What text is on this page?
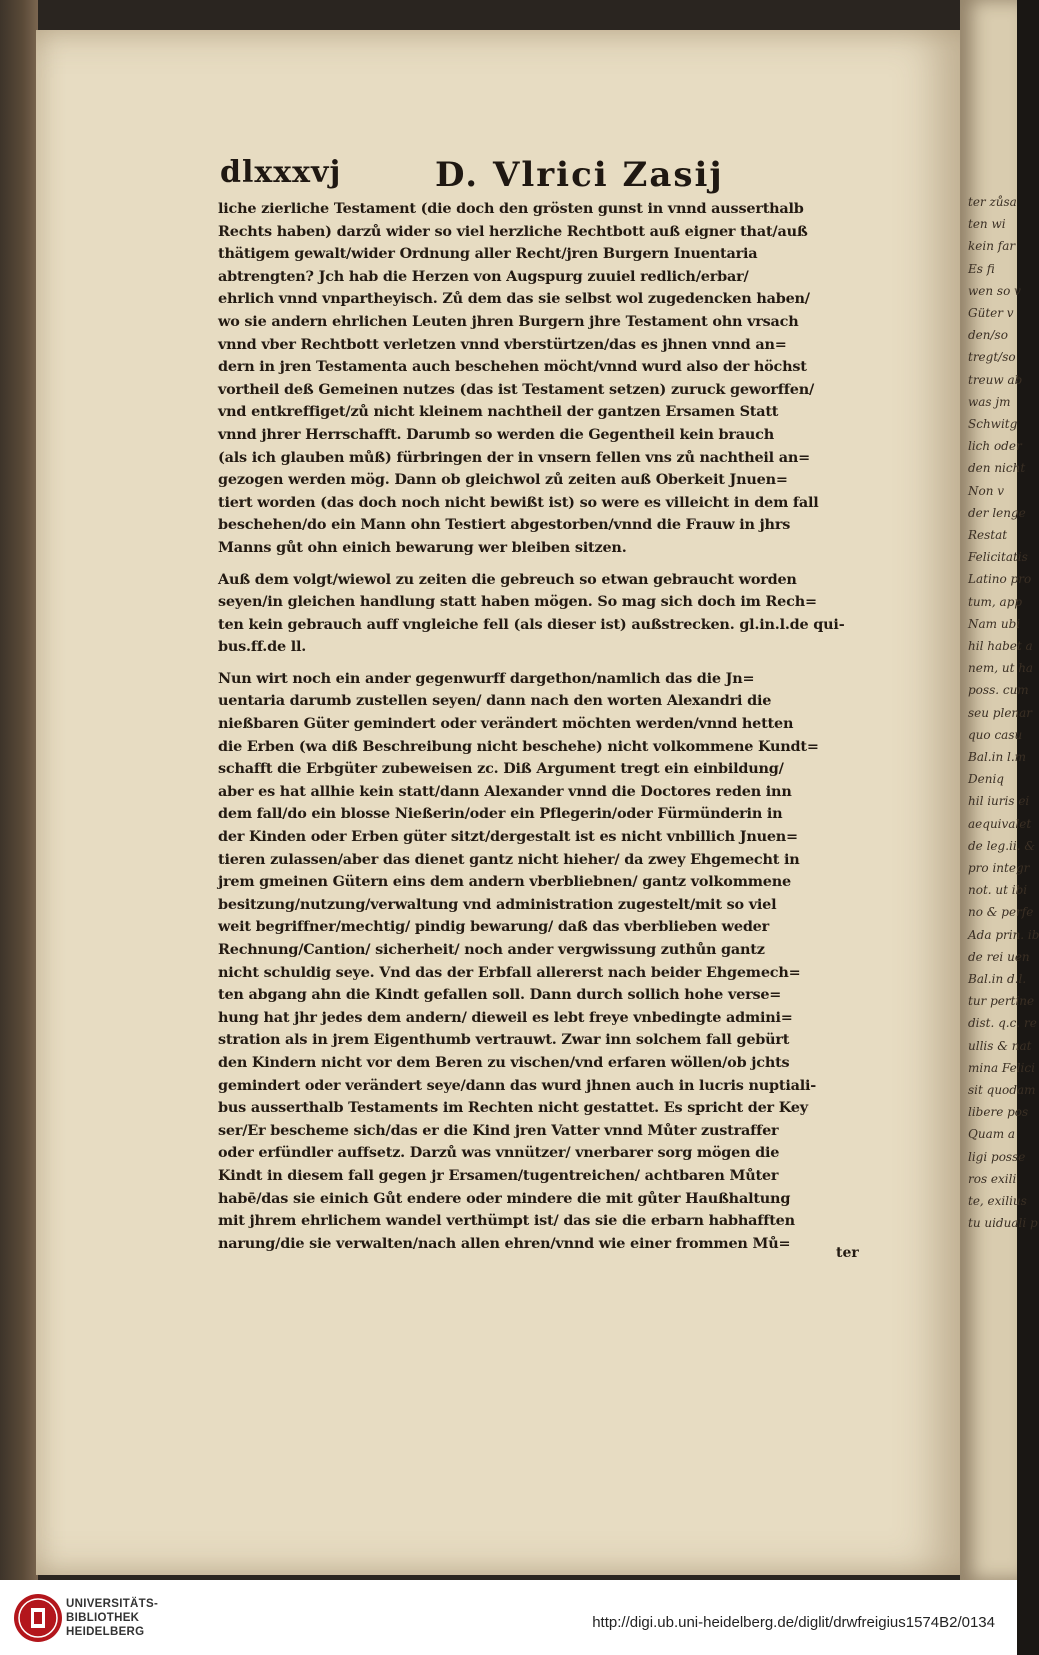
dlxxxvj	D. Vlrici Zasij
liche zierliche Testament (die doch den grösten gunst in vnnd ausserthalb
Rechts haben) darzů wider so viel herzliche Rechtbott auß eigner that/auß
thätigem gewalt/wider Ordnung aller Recht/jren Burgern Inuentaria
abtrengten? Jch hab die Herzen von Augspurg zuuiel redlich/erbar/
ehrlich vnnd vnpartheyisch. Zů dem das sie selbst wol zugedencken haben/
wo sie andern ehrlichen Leuten jhren Burgern jhre Testament ohn vrsach
vnnd vber Rechtbott verletzen vnnd vberstürtzen/das es jhnen vnnd an=
dern in jren Testamenta auch beschehen möcht/vnnd wurd also der höchst
vortheil deß Gemeinen nutzes (das ist Testament setzen) zuruck geworffen/
vnd entkreffiget/zů nicht kleinem nachtheil der gantzen Ersamen Statt
vnnd jhrer Herrschafft. Darumb so werden die Gegentheil kein brauch
(als ich glauben můß) fürbringen der in vnsern fellen vns zů nachtheil an=
gezogen werden mög. Dann ob gleichwol zů zeiten auß Oberkeit Jnuen=
tiert worden (das doch noch nicht bewißt ist) so were es villeicht in dem fall
beschehen/do ein Mann ohn Testiert abgestorben/vnnd die Frauw in jhrs
Manns gůt ohn einich bewarung wer bleiben sitzen.
Auß dem volgt/wiewol zu zeiten die gebreuch so etwan gebraucht worden
seyen/in gleichen handlung statt haben mögen. So mag sich doch im Rech=
ten kein gebrauch auff vngleiche fell (als dieser ist) außstrecken. gl.in.l.de qui-
bus.ff.de ll.
Nun wirt noch ein ander gegenwurff dargethon/namlich das die Jn=
uentaria darumb zustellen seyen/ dann nach den worten Alexandri die
nießbaren Güter gemindert oder verändert möchten werden/vnnd hetten
die Erben (wa diß Beschreibung nicht beschehe) nicht volkommene Kundt=
schafft die Erbgüter zubeweisen zc. Diß Argument tregt ein einbildung/
aber es hat allhie kein statt/dann Alexander vnnd die Doctores reden inn
dem fall/do ein blosse Nießerin/oder ein Pflegerin/oder Fürmünderin in
der Kinden oder Erben güter sitzt/dergestalt ist es nicht vnbillich Jnuen=
tieren zulassen/aber das dienet gantz nicht hieher/ da zwey Ehgemecht in
jrem gmeinen Gütern eins dem andern vberbliebnen/ gantz volkommene
besitzung/nutzung/verwaltung vnd administration zugestelt/mit so viel
weit begriffner/mechtig/ pindig bewarung/ daß das vberblieben weder
Rechnung/Cantion/ sicherheit/ noch ander vergwissung zuthůn gantz
nicht schuldig seye. Vnd das der Erbfall allererst nach beider Ehgemech=
ten abgang ahn die Kindt gefallen soll. Dann durch sollich hohe verse=
hung hat jhr jedes dem andern/ dieweil es lebt freye vnbedingte admini=
stration als in jrem Eigenthumb vertrauwt. Zwar inn solchem fall gebürt
den Kindern nicht vor dem Beren zu vischen/vnd erfaren wöllen/ob jchts
gemindert oder verändert seye/dann das wurd jhnen auch in lucris nuptiali-
bus ausserthalb Testaments im Rechten nicht gestattet. Es spricht der Key
ser/Er bescheme sich/das er die Kind jren Vatter vnnd Můter zustraffer
oder erfündler auffsetz. Darzů was vnnützer/ vnerbarer sorg mögen die
Kindt in diesem fall gegen jr Ersamen/tugentreichen/ achtbaren Můter
habē/das sie einich Gůt endere oder mindere die mit gůter Haußhaltung
mit jhrem ehrlichem wandel verthümpt ist/ das sie die erbarn habhafften
narung/die sie verwalten/nach allen ehren/vnnd wie einer frommen Mů=
ter
ter zůsa
ten wi
kein far
Es fi
wen so v
Güter v
den/so
tregt/so
treuw ab
was jm
Schwitg
lich oder
den nicht
Non v
der lenge
Restat
Felicitatis
Latino pro
tum, app
Nam ubi
hil habet a
nem, ut ha
poss. cum
seu plenar
quo casu
Bal.in l.m
Deniq
hil iuris ei
aequivalet
de leg.ii. &
pro integr
not. ut ibi
no & perfe
Ada prin. ib
de rei uen
Bal.in d.l.
tur pertine
dist. q.c. re
ullis & nat
mina Felici
sit quodam
libere pos
Quam a
ligi posse
ros exili
te, exilius
tu uiduali p
UNIVERSITÄTS-
BIBLIOTHEK
HEIDELBERG
http://digi.ub.uni-heidelberg.de/diglit/drwfreigius1574B2/0134
